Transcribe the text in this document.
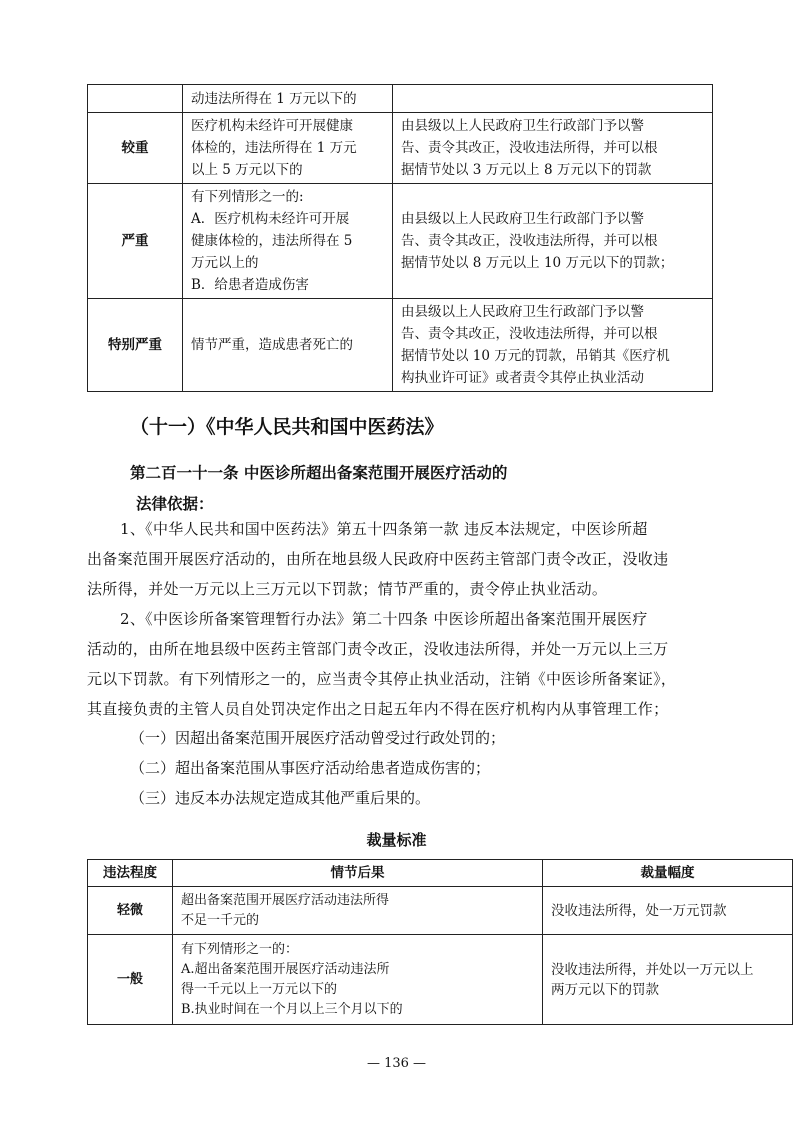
	动违法所得在 1 万元以下的	

较重	医疗机构未经许可开展健康
体检的，违法所得在 1 万元
以上 5 万元以下的	由县级以上人民政府卫生行政部门予以警
告、责令其改正，没收违法所得，并可以根
据情节处以 3 万元以上 8 万元以下的罚款

严重	有下列情形之一的:
A．医疗机构未经许可开展
健康体检的，违法所得在 5
万元以上的
B．给患者造成伤害	由县级以上人民政府卫生行政部门予以警
告、责令其改正，没收违法所得，并可以根
据情节处以 8 万元以上 10 万元以下的罚款；

特别严重	情节严重，造成患者死亡的	由县级以上人民政府卫生行政部门予以警
告、责令其改正，没收违法所得，并可以根
据情节处以 10 万元的罚款，吊销其《医疗机
构执业许可证》或者责令其停止执业活动
（十一）《中华人民共和国中医药法》
第二百一十一条 中医诊所超出备案范围开展医疗活动的
法律依据：
1、《中华人民共和国中医药法》第五十四条第一款 违反本法规定，中医诊所超
出备案范围开展医疗活动的，由所在地县级人民政府中医药主管部门责令改正，没收违
法所得，并处一万元以上三万元以下罚款；情节严重的，责令停止执业活动。
2、《中医诊所备案管理暂行办法》第二十四条 中医诊所超出备案范围开展医疗
活动的，由所在地县级中医药主管部门责令改正，没收违法所得，并处一万元以上三万
元以下罚款。有下列情形之一的，应当责令其停止执业活动，注销《中医诊所备案证》，
其直接负责的主管人员自处罚决定作出之日起五年内不得在医疗机构内从事管理工作；
（一）因超出备案范围开展医疗活动曾受过行政处罚的；
（二）超出备案范围从事医疗活动给患者造成伤害的；
（三）违反本办法规定造成其他严重后果的。
裁量标准
违法程度	情节后果	裁量幅度
轻微	超出备案范围开展医疗活动违法所得
不足一千元的	没收违法所得，处一万元罚款

一般	有下列情形之一的：
A.超出备案范围开展医疗活动违法所
得一千元以上一万元以下的
B.执业时间在一个月以上三个月以下的	没收违法所得，并处以一万元以上
两万元以下的罚款
— 136 —
